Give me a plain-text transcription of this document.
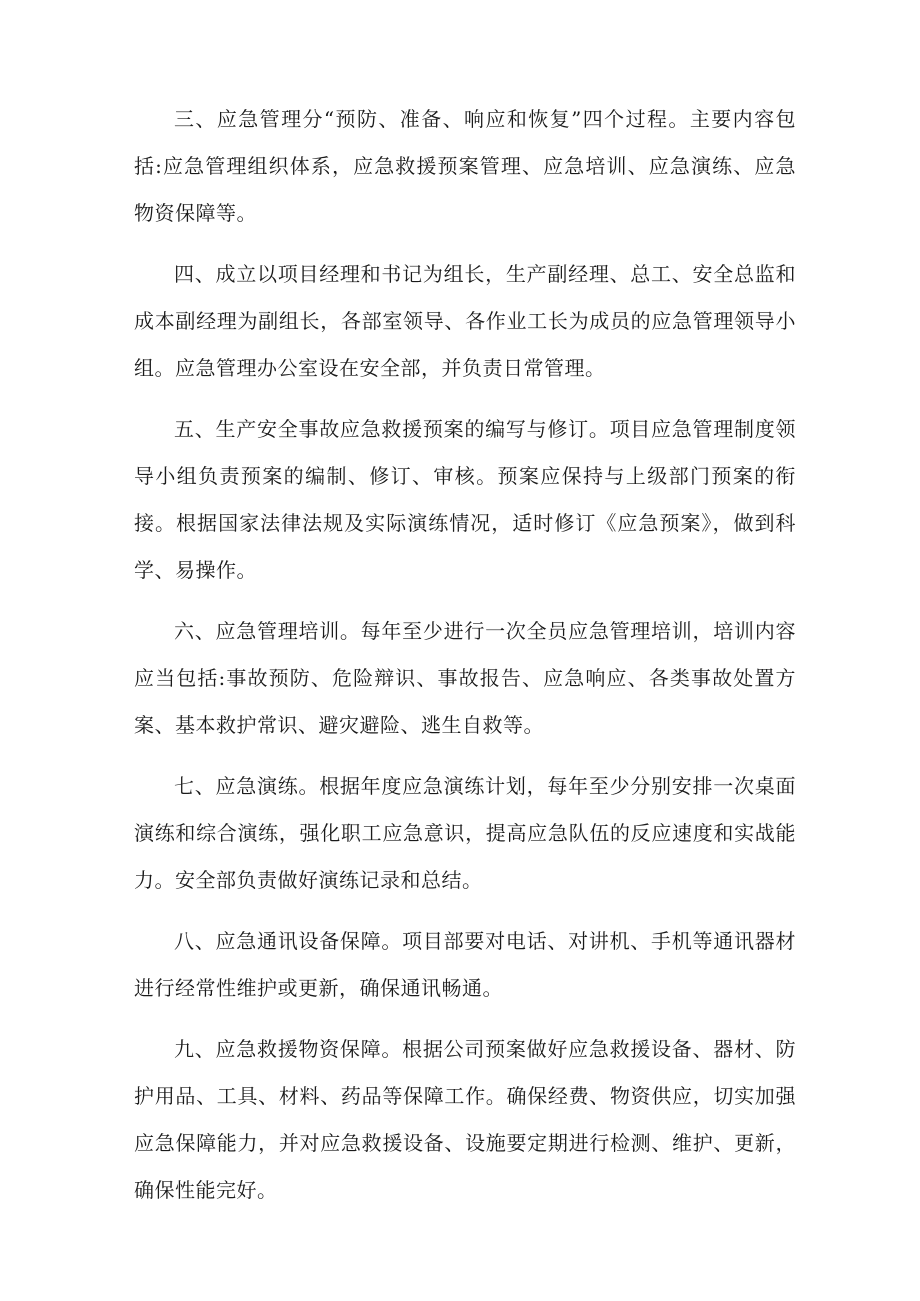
三、应急管理分“预防、准备、响应和恢复”四个过程。主要内容包括:应急管理组织体系，应急救援预案管理、应急培训、应急演练、应急物资保障等。

四、成立以项目经理和书记为组长，生产副经理、总工、安全总监和成本副经理为副组长，各部室领导、各作业工长为成员的应急管理领导小组。应急管理办公室设在安全部，并负责日常管理。

五、生产安全事故应急救援预案的编写与修订。项目应急管理制度领导小组负责预案的编制、修订、审核。预案应保持与上级部门预案的衔接。根据国家法律法规及实际演练情况，适时修订《应急预案》，做到科学、易操作。

六、应急管理培训。每年至少进行一次全员应急管理培训，培训内容应当包括:事故预防、危险辩识、事故报告、应急响应、各类事故处置方案、基本救护常识、避灾避险、逃生自救等。

七、应急演练。根据年度应急演练计划，每年至少分别安排一次桌面演练和综合演练，强化职工应急意识，提高应急队伍的反应速度和实战能力。安全部负责做好演练记录和总结。

八、应急通讯设备保障。项目部要对电话、对讲机、手机等通讯器材进行经常性维护或更新，确保通讯畅通。

九、应急救援物资保障。根据公司预案做好应急救援设备、器材、防护用品、工具、材料、药品等保障工作。确保经费、物资供应，切实加强应急保障能力，并对应急救援设备、设施要定期进行检测、维护、更新，确保性能完好。
